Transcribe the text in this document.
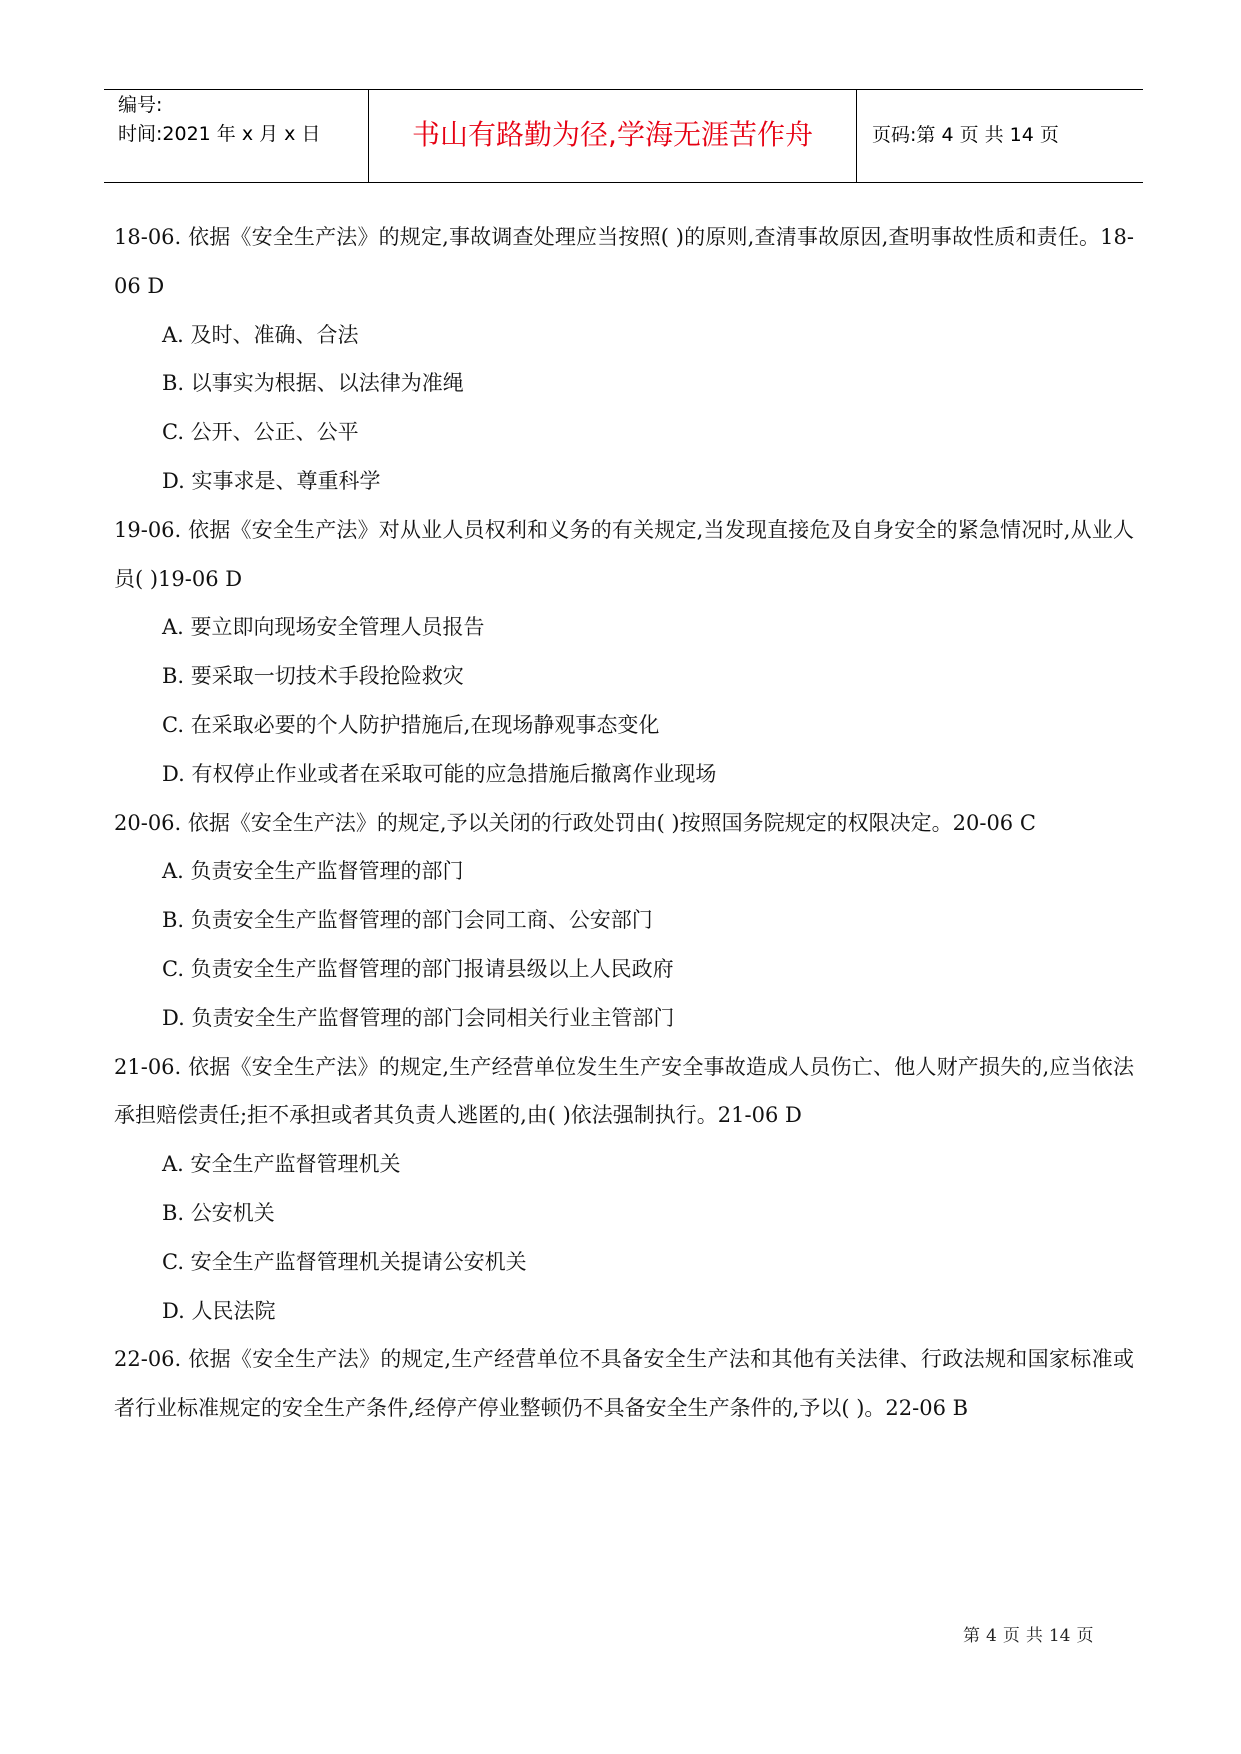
编号:
时间:2021 年 x 月 x 日	书山有路勤为径,学海无涯苦作舟	页码:第 4 页 共 14 页
18-06. 依据《安全生产法》的规定,事故调查处理应当按照( )的原则,查清事故原因,查明事故性质和责任。18-06 D
A. 及时、准确、合法
B. 以事实为根据、以法律为准绳
C. 公开、公正、公平
D. 实事求是、尊重科学
19-06. 依据《安全生产法》对从业人员权利和义务的有关规定,当发现直接危及自身安全的紧急情况时,从业人员( )19-06 D
A. 要立即向现场安全管理人员报告
B. 要采取一切技术手段抢险救灾
C. 在采取必要的个人防护措施后,在现场静观事态变化
D. 有权停止作业或者在采取可能的应急措施后撤离作业现场
20-06. 依据《安全生产法》的规定,予以关闭的行政处罚由( )按照国务院规定的权限决定。20-06 C
A. 负责安全生产监督管理的部门
B. 负责安全生产监督管理的部门会同工商、公安部门
C. 负责安全生产监督管理的部门报请县级以上人民政府
D. 负责安全生产监督管理的部门会同相关行业主管部门
21-06. 依据《安全生产法》的规定,生产经营单位发生生产安全事故造成人员伤亡、他人财产损失的,应当依法承担赔偿责任;拒不承担或者其负责人逃匿的,由( )依法强制执行。21-06 D
A. 安全生产监督管理机关
B. 公安机关
C. 安全生产监督管理机关提请公安机关
D. 人民法院
22-06. 依据《安全生产法》的规定,生产经营单位不具备安全生产法和其他有关法律、行政法规和国家标准或者行业标准规定的安全生产条件,经停产停业整顿仍不具备安全生产条件的,予以( )。22-06 B
第 4 页 共 14 页
